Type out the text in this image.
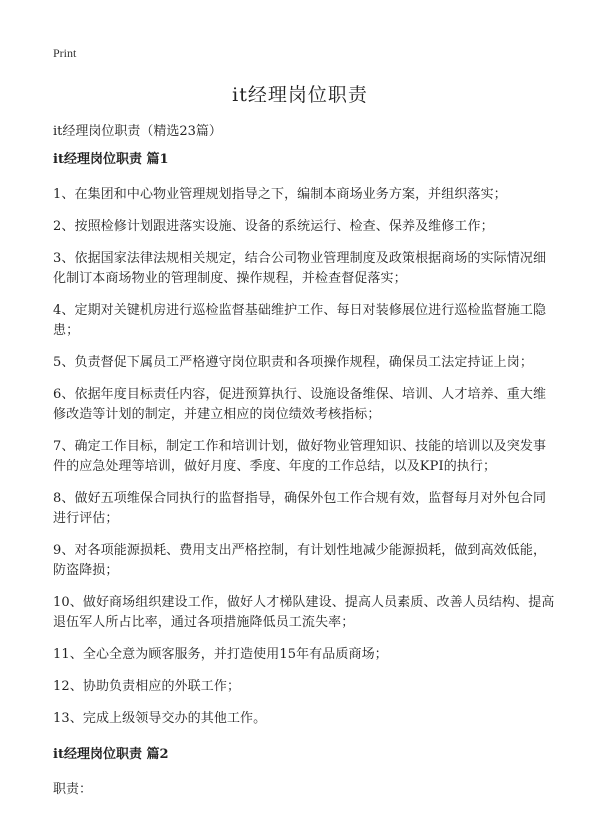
Print
it经理岗位职责
it经理岗位职责（精选23篇）
it经理岗位职责 篇1
1、在集团和中心物业管理规划指导之下，编制本商场业务方案，并组织落实；
2、按照检修计划跟进落实设施、设备的系统运行、检查、保养及维修工作；
3、依据国家法律法规相关规定，结合公司物业管理制度及政策根据商场的实际情况细化制订本商场物业的管理制度、操作规程，并检查督促落实；
4、定期对关键机房进行巡检监督基础维护工作、每日对装修展位进行巡检监督施工隐患；
5、负责督促下属员工严格遵守岗位职责和各项操作规程，确保员工法定持证上岗；
6、依据年度目标责任内容，促进预算执行、设施设备维保、培训、人才培养、重大维修改造等计划的制定，并建立相应的岗位绩效考核指标；
7、确定工作目标，制定工作和培训计划，做好物业管理知识、技能的培训以及突发事件的应急处理等培训，做好月度、季度、年度的工作总结，以及KPI的执行；
8、做好五项维保合同执行的监督指导，确保外包工作合规有效，监督每月对外包合同进行评估；
9、对各项能源损耗、费用支出严格控制，有计划性地减少能源损耗，做到高效低能，防盗降损；
10、做好商场组织建设工作，做好人才梯队建设、提高人员素质、改善人员结构、提高退伍军人所占比率，通过各项措施降低员工流失率；
11、全心全意为顾客服务，并打造使用15年有品质商场；
12、协助负责相应的外联工作；
13、完成上级领导交办的其他工作。
it经理岗位职责 篇2
职责：
